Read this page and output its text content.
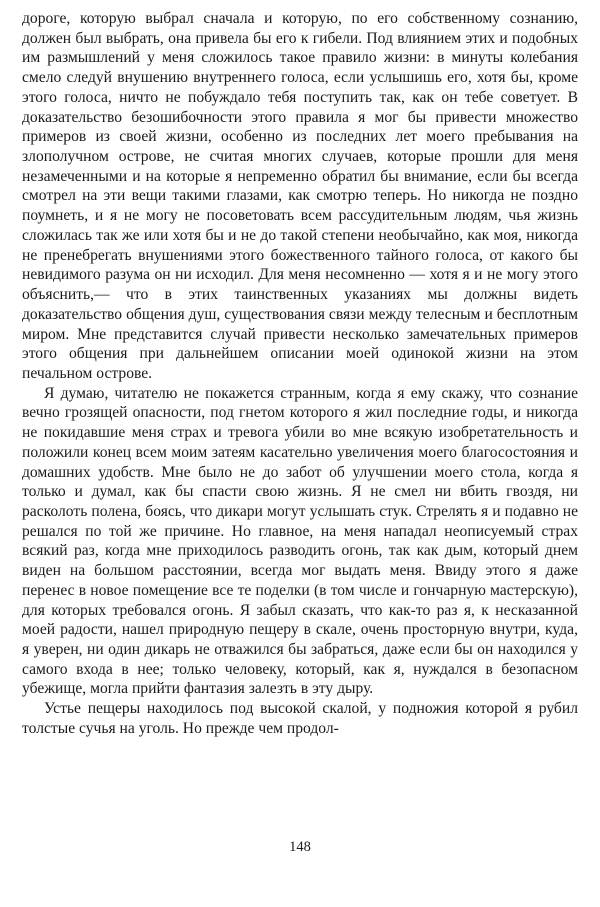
дороге, которую выбрал сначала и которую, по его собственному сознанию, должен был выбрать, она привела бы его к гибели. Под влиянием этих и подобных им размышлений у меня сложилось такое правило жизни: в минуты колебания смело следуй внушению внутреннего голоса, если услышишь его, хотя бы, кроме этого голоса, ничто не побуждало тебя поступить так, как он тебе советует. В доказательство безошибочности этого правила я мог бы привести множество примеров из своей жизни, особенно из последних лет моего пребывания на злополучном острове, не считая многих случаев, которые прошли для меня незамеченными и на которые я непременно обратил бы внимание, если бы всегда смотрел на эти вещи такими глазами, как смотрю теперь. Но никогда не поздно поумнеть, и я не могу не посоветовать всем рассудительным людям, чья жизнь сложилась так же или хотя бы и не до такой степени необычайно, как моя, никогда не пренебрегать внушениями этого божественного тайного голоса, от какого бы невидимого разума он ни исходил. Для меня несомненно — хотя я и не могу этого объяснить,— что в этих таинственных указаниях мы должны видеть доказательство общения душ, существования связи между телесным и бесплотным миром. Мне представится случай привести несколько замечательных примеров этого общения при дальнейшем описании моей одинокой жизни на этом печальном острове.

Я думаю, читателю не покажется странным, когда я ему скажу, что сознание вечно грозящей опасности, под гнетом которого я жил последние годы, и никогда не покидавшие меня страх и тревога убили во мне всякую изобретательность и положили конец всем моим затеям касательно увеличения моего благосостояния и домашних удобств. Мне было не до забот об улучшении моего стола, когда я только и думал, как бы спасти свою жизнь. Я не смел ни вбить гвоздя, ни расколоть полена, боясь, что дикари могут услышать стук. Стрелять я и подавно не решался по той же причине. Но главное, на меня нападал неописуемый страх всякий раз, когда мне приходилось разводить огонь, так как дым, который днем виден на большом расстоянии, всегда мог выдать меня. Ввиду этого я даже перенес в новое помещение все те поделки (в том числе и гончарную мастерскую), для которых требовался огонь. Я забыл сказать, что как-то раз я, к несказанной моей радости, нашел природную пещеру в скале, очень просторную внутри, куда, я уверен, ни один дикарь не отважился бы забраться, даже если бы он находился у самого входа в нее; только человеку, который, как я, нуждался в безопасном убежище, могла прийти фантазия залезть в эту дыру.

Устье пещеры находилось под высокой скалой, у подножия которой я рубил толстые сучья на уголь. Но прежде чем продол-

148
